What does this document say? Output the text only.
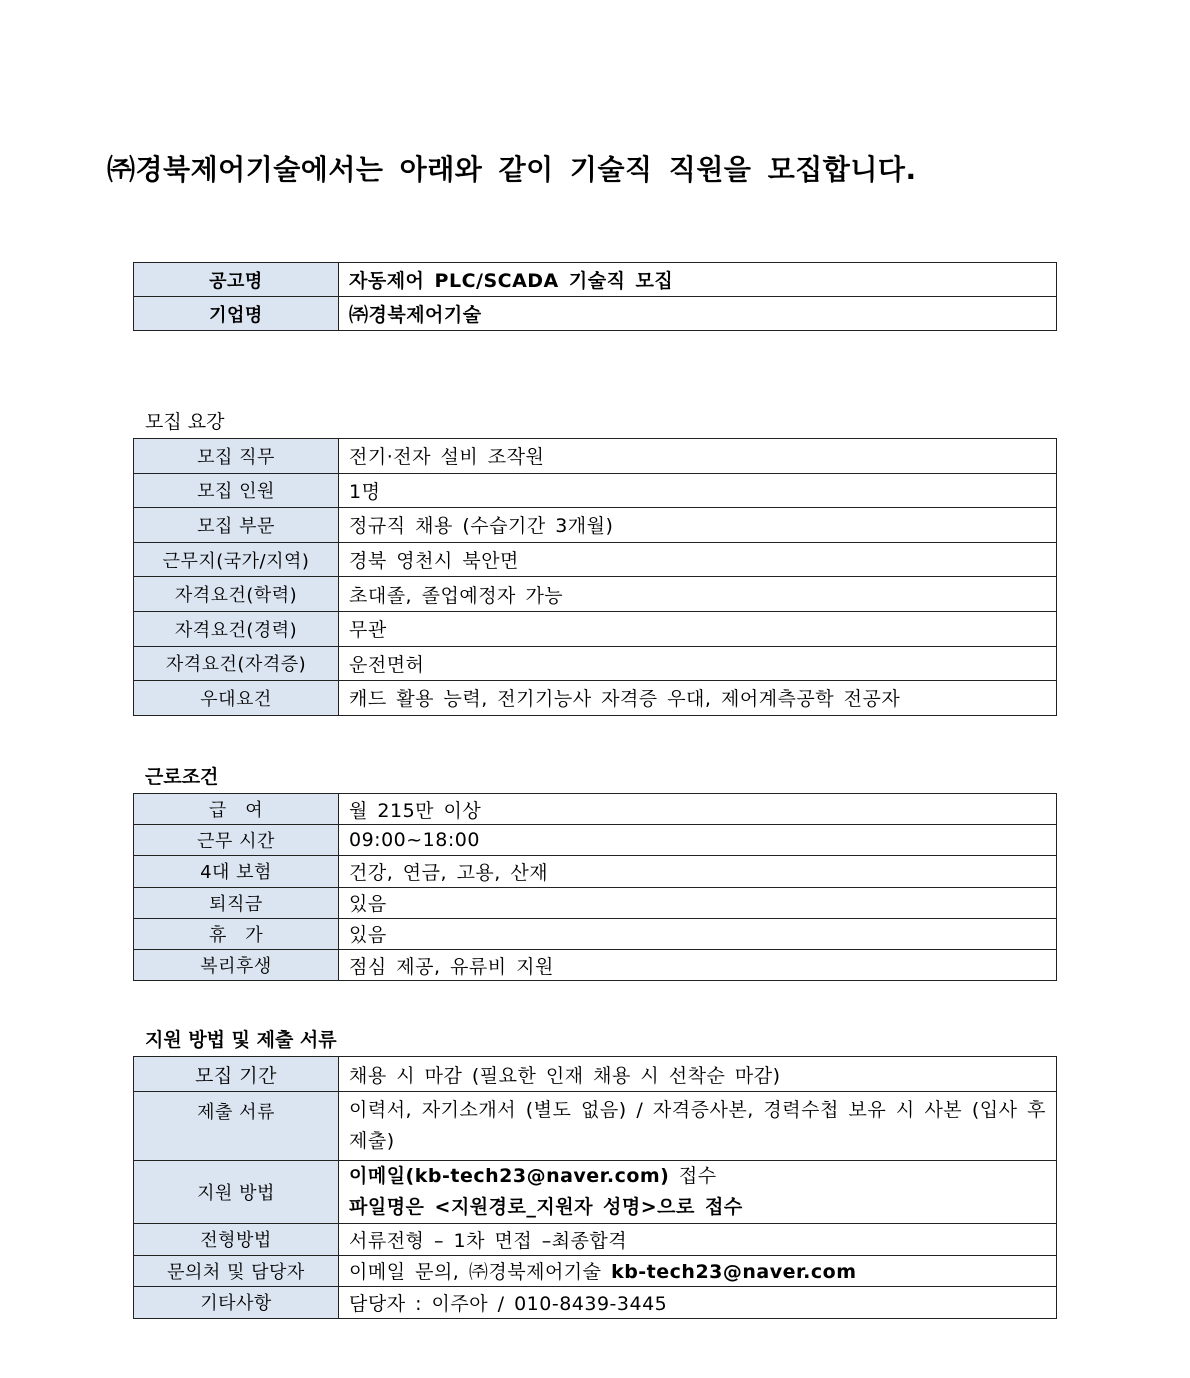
㈜경북제어기술에서는 아래와 같이 기술직 직원을 모집합니다.
공고명	자동제어 PLC/SCADA 기술직 모집
기업명	㈜경북제어기술
모집 요강
모집 직무	전기·전자 설비 조작원
모집 인원	1명
모집 부문	정규직 채용 (수습기간 3개월)
근무지(국가/지역)	경북 영천시 북안면
자격요건(학력)	초대졸, 졸업예정자 가능
자격요건(경력)	무관
자격요건(자격증)	운전면허
우대요건	캐드 활용 능력, 전기기능사 자격증 우대, 제어계측공학 전공자
근로조건
급　여	월 215만 이상
근무 시간	09:00~18:00
4대 보험	건강, 연금, 고용, 산재
퇴직금	있음
휴　가	있음
복리후생	점심 제공, 유류비 지원
지원 방법 및 제출 서류
모집 기간	채용 시 마감 (필요한 인재 채용 시 선착순 마감)
제출 서류	이력서, 자기소개서 (별도 없음) / 자격증사본, 경력수첩 보유 시 사본 (입사 후 제출)
지원 방법	이메일(kb-tech23@naver.com) 접수
파일명은 <지원경로_지원자 성명>으로 접수

전형방법	서류전형 – 1차 면접 –최종합격
문의처 및 담당자	이메일 문의, ㈜경북제어기술 kb-tech23@naver.com
기타사항	담당자 : 이주아 / 010-8439-3445
